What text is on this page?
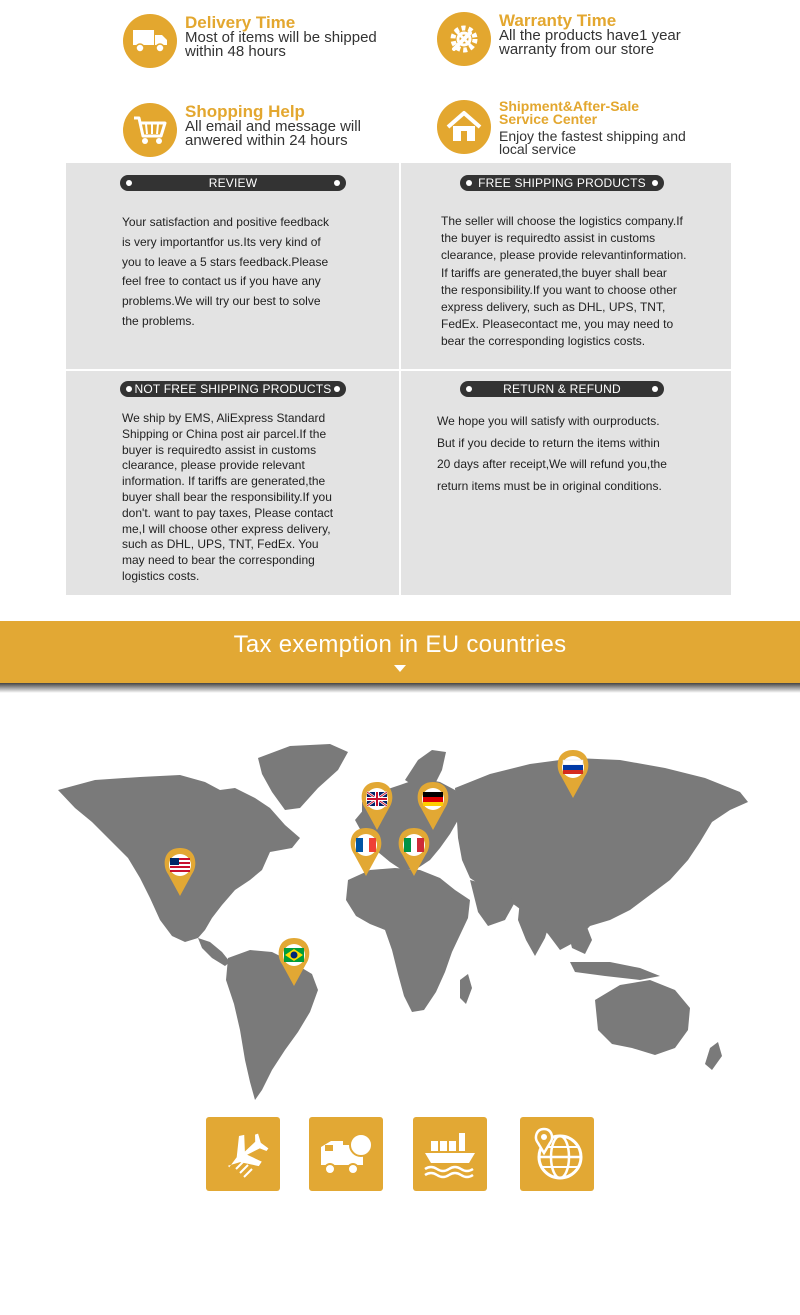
Delivery Time
Most of items will be shipped
within 48 hours
Warranty Time
All the products have1 year
warranty from our store
Shopping Help
All email and message will
anwered within 24 hours
Shipment&After-Sale
Service Center
Enjoy the fastest shipping and
local service
REVIEW
Your satisfaction and positive feedback
is very importantfor us.Its very kind of
you to leave a 5 stars feedback.Please
feel free to contact us if you have any
problems.We will try our best to solve
the problems.
FREE SHIPPING PRODUCTS
The seller will choose the logistics company.If
the buyer is requiredto assist in customs
clearance, please provide relevantinformation.
If tariffs are generated,the buyer shall bear
the responsibility.If you want to choose other
express delivery, such as DHL, UPS, TNT,
FedEx. Pleasecontact me, you may need to
bear the corresponding logistics costs.
NOT FREE SHIPPING PRODUCTS
We ship by EMS, AliExpress Standard
Shipping or China post air parcel.If the
buyer is requiredto assist in customs
clearance, please provide relevant
information. If tariffs are generated,the
buyer shall bear the responsibility.If you
don't. want to pay taxes, Please contact
me,I will choose other express delivery,
such as DHL, UPS, TNT, FedEx. You
may need to bear the corresponding
logistics costs.
RETURN & REFUND
We hope you will satisfy with ourproducts.
But if you decide to return the items within
20 days after receipt,We will refund you,the
return items must be in original conditions.
Tax exemption in EU countries
